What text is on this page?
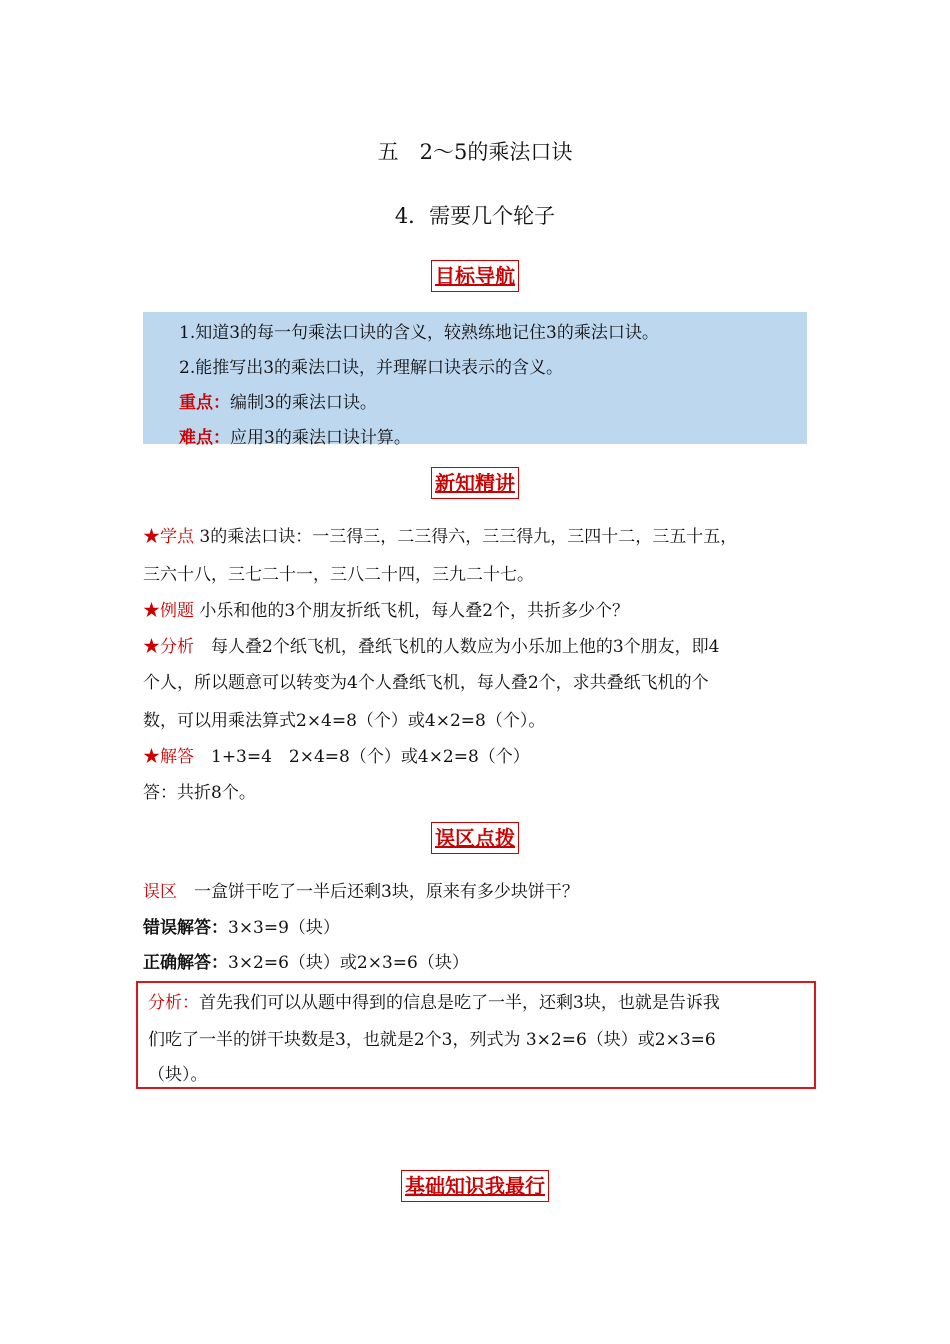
五　2～5的乘法口诀
4．需要几个轮子
目标导航
1.知道3的每一句乘法口诀的含义，较熟练地记住3的乘法口诀。
2.能推写出3的乘法口诀，并理解口诀表示的含义。
重点：编制3的乘法口诀。
难点：应用3的乘法口诀计算。
新知精讲
★学点 3的乘法口诀：一三得三，二三得六，三三得九，三四十二，三五十五，
三六十八，三七二十一，三八二十四，三九二十七。
★例题 小乐和他的3个朋友折纸飞机，每人叠2个，共折多少个？
★分析　 每人叠2个纸飞机，叠纸飞机的人数应为小乐加上他的3个朋友，即4
个人，所以题意可以转变为4个人叠纸飞机，每人叠2个，求共叠纸飞机的个
数，可以用乘法算式2×4=8（个）或4×2=8（个）。
★解答　 1+3=4　2×4=8（个）或4×2=8（个）
答：共折8个。
误区点拨
误区　 一盒饼干吃了一半后还剩3块，原来有多少块饼干？
错误解答：3×3=9（块）
正确解答：3×2=6（块）或2×3=6（块）
分析：首先我们可以从题中得到的信息是吃了一半，还剩3块，也就是告诉我
们吃了一半的饼干块数是3，也就是2个3，列式为 3×2=6（块）或2×3=6
（块）。
基础知识我最行
